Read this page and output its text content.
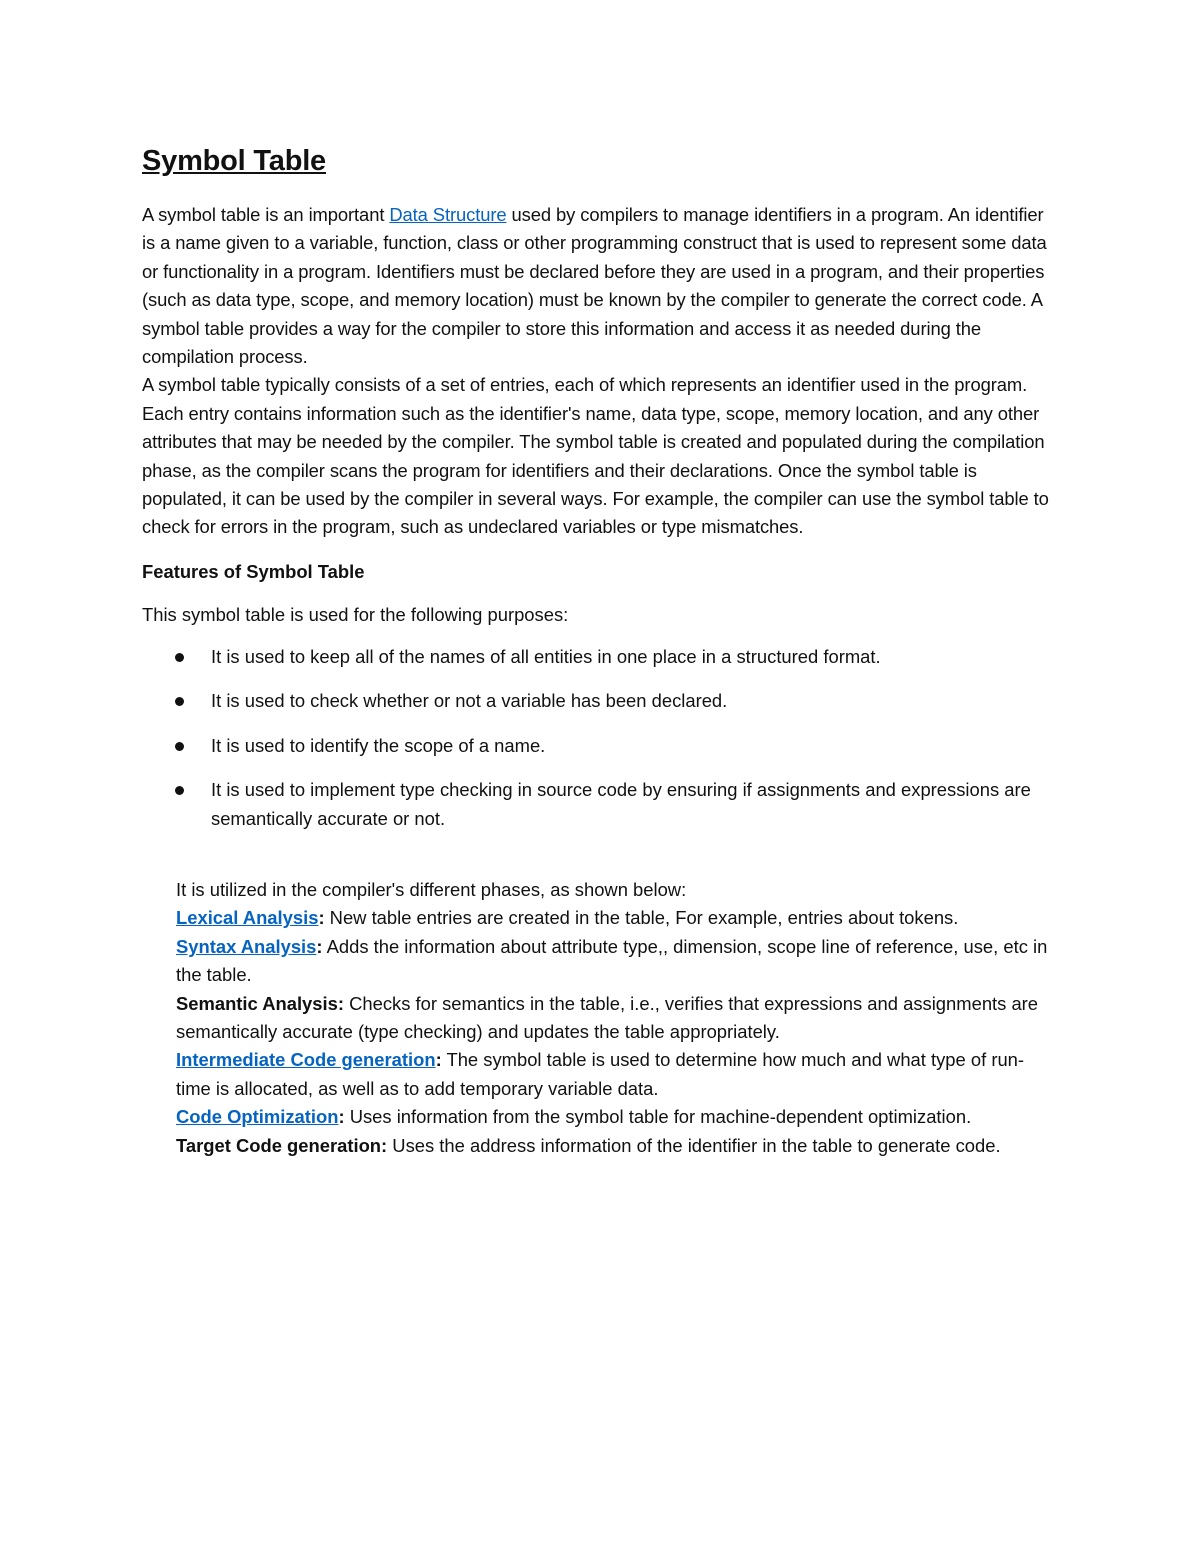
Symbol Table

A symbol table is an important Data Structure used by compilers to manage identifiers in a program. An identifier is a name given to a variable, function, class or other programming construct that is used to represent some data or functionality in a program. Identifiers must be declared before they are used in a program, and their properties (such as data type, scope, and memory location) must be known by the compiler to generate the correct code. A symbol table provides a way for the compiler to store this information and access it as needed during the compilation process.

A symbol table typically consists of a set of entries, each of which represents an identifier used in the program. Each entry contains information such as the identifier's name, data type, scope, memory location, and any other attributes that may be needed by the compiler. The symbol table is created and populated during the compilation phase, as the compiler scans the program for identifiers and their declarations. Once the symbol table is populated, it can be used by the compiler in several ways. For example, the compiler can use the symbol table to check for errors in the program, such as undeclared variables or type mismatches.

Features of Symbol Table
This symbol table is used for the following purposes:
It is used to keep all of the names of all entities in one place in a structured format.
It is used to check whether or not a variable has been declared.
It is used to identify the scope of a name.
It is used to implement type checking in source code by ensuring if assignments and expressions are semantically accurate or not.

It is utilized in the compiler's different phases, as shown below:

Lexical Analysis: New table entries are created in the table, For example, entries about tokens.

Syntax Analysis: Adds the information about attribute type,, dimension, scope line of reference, use, etc in the table.

Semantic Analysis: Checks for semantics in the table, i.e., verifies that expressions and assignments are semantically accurate (type checking) and updates the table appropriately.

Intermediate Code generation: The symbol table is used to determine how much and what type of run-time is allocated, as well as to add temporary variable data.

Code Optimization: Uses information from the symbol table for machine-dependent optimization.

Target Code generation: Uses the address information of the identifier in the table to generate code.
